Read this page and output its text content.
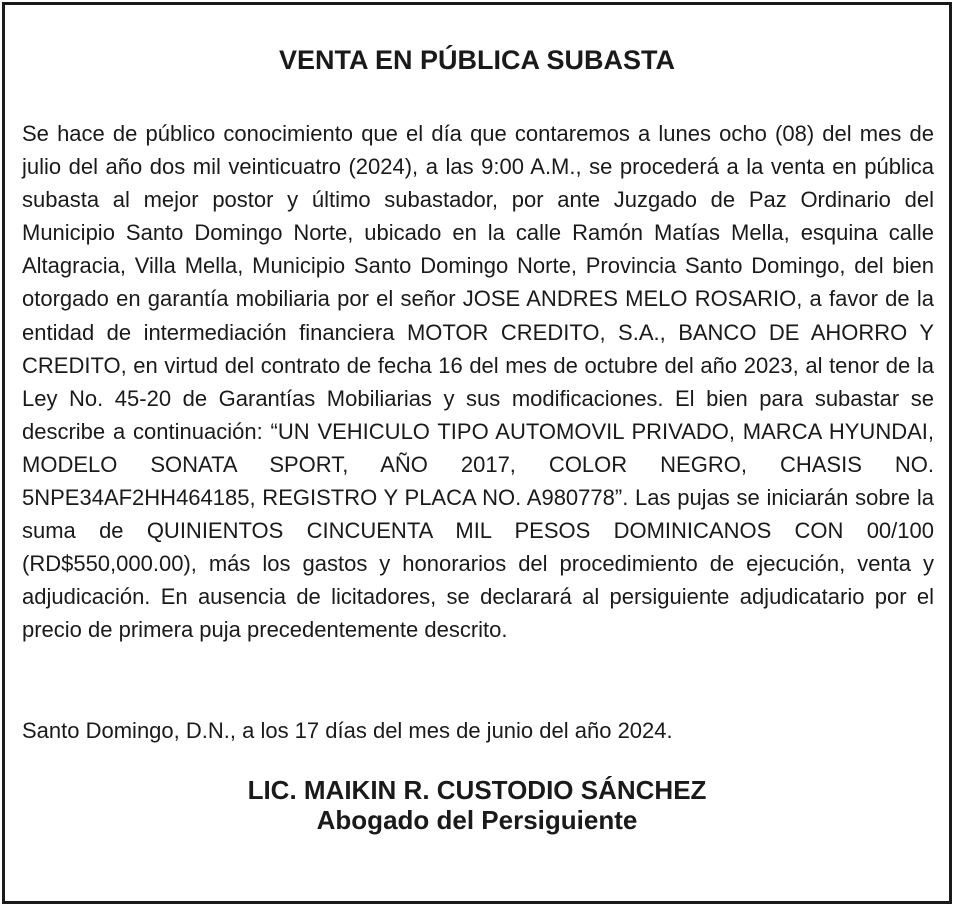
VENTA EN PÚBLICA SUBASTA

Se hace de público conocimiento que el día que contaremos a lunes ocho (08) del mes de julio del año dos mil veinticuatro (2024), a las 9:00 A.M., se procederá a la venta en pública subasta al mejor postor y último subastador, por ante Juzgado de Paz Ordinario del Municipio Santo Domingo Norte, ubicado en la calle Ramón Matías Mella, esquina calle Altagracia, Villa Mella, Municipio Santo Domingo Norte, Provincia Santo Domingo, del bien otorgado en garantía mobiliaria por el señor JOSE ANDRES MELO ROSARIO, a favor de la entidad de intermediación financiera MOTOR CREDITO, S.A., BANCO DE AHORRO Y CREDITO, en virtud del contrato de fecha 16 del mes de octubre del año 2023, al tenor de la Ley No. 45-20 de Garantías Mobiliarias y sus modificaciones. El bien para subastar se describe a continuación: “UN VEHICULO TIPO AUTOMOVIL PRIVADO, MARCA HYUNDAI, MODELO SONATA SPORT, AÑO 2017, COLOR NEGRO, CHASIS NO. 5NPE34AF2HH464185, REGISTRO Y PLACA NO. A980778”. Las pujas se iniciarán sobre la suma de QUINIENTOS CINCUENTA MIL PESOS DOMINICANOS CON 00/100 (RD$550,000.00), más los gastos y honorarios del procedimiento de ejecución, venta y adjudicación. En ausencia de licitadores, se declarará al persiguiente adjudicatario por el precio de primera puja precedentemente descrito.

Santo Domingo, D.N., a los 17 días del mes de junio del año 2024.

LIC. MAIKIN R. CUSTODIO SÁNCHEZ
Abogado del Persiguiente
